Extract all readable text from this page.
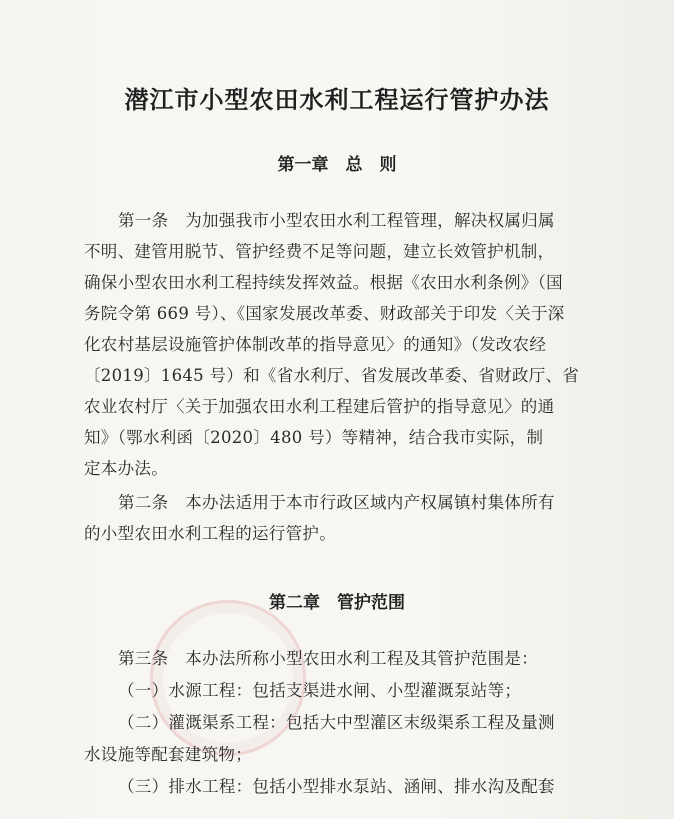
潜江市小型农田水利工程运行管护办法
第一章　总　则
第一条　为加强我市小型农田水利工程管理，解决权属归属
不明、建管用脱节、管护经费不足等问题，建立长效管护机制，
确保小型农田水利工程持续发挥效益。根据《农田水利条例》（国
务院令第 669 号）、《国家发展改革委、财政部关于印发〈关于深
化农村基层设施管护体制改革的指导意见〉的通知》（发改农经
〔2019〕1645 号）和《省水利厅、省发展改革委、省财政厅、省
农业农村厅〈关于加强农田水利工程建后管护的指导意见〉的通
知》（鄂水利函〔2020〕480 号）等精神，结合我市实际，制
定本办法。
第二条　本办法适用于本市行政区域内产权属镇村集体所有
的小型农田水利工程的运行管护。
第二章　管护范围
第三条　本办法所称小型农田水利工程及其管护范围是：
（一）水源工程：包括支渠进水闸、小型灌溉泵站等；
（二）灌溉渠系工程：包括大中型灌区末级渠系工程及量测
水设施等配套建筑物；
（三）排水工程：包括小型排水泵站、涵闸、排水沟及配套
